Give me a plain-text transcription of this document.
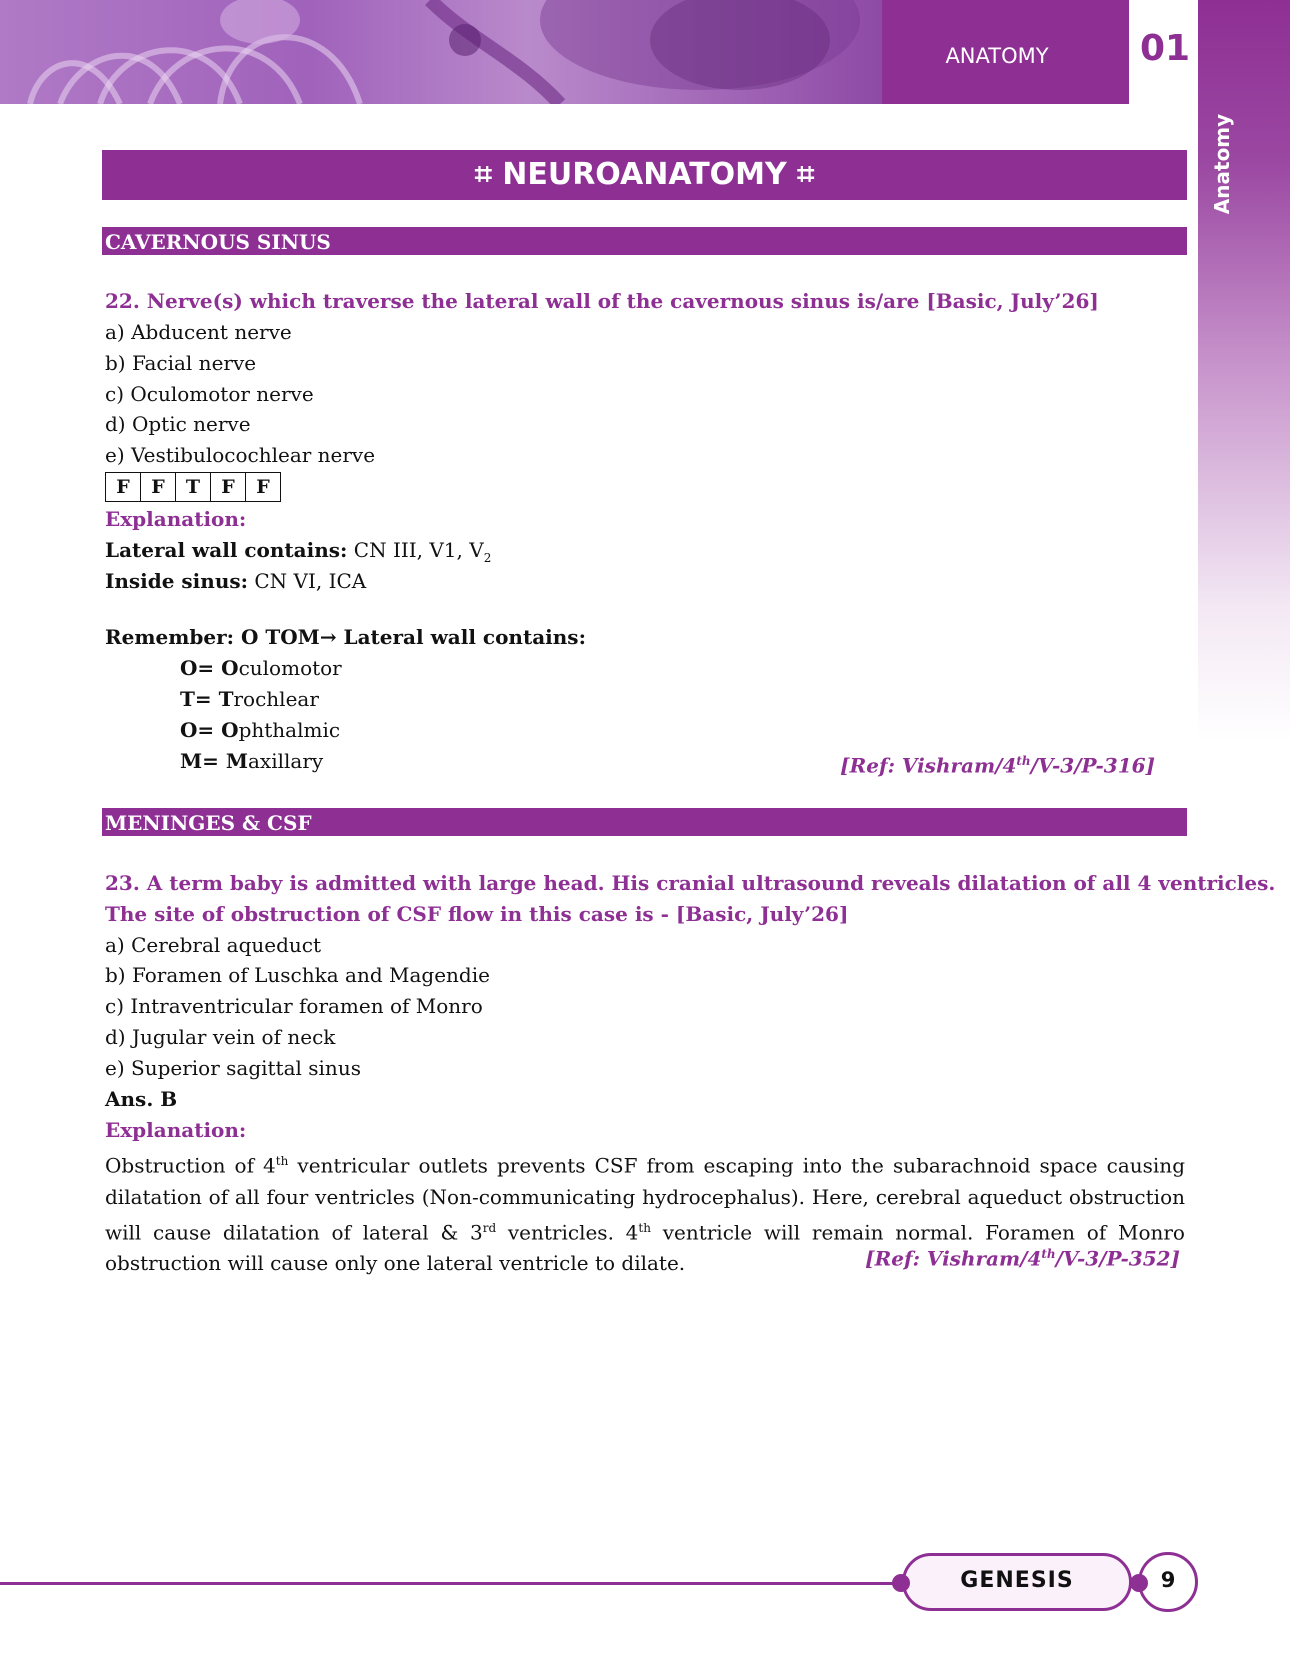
ANATOMY	01
Anatomy
⌗ NEUROANATOMY ⌗
CAVERNOUS SINUS
22. Nerve(s) which traverse the lateral wall of the cavernous sinus is/are [Basic, July’26]
a) Abducent nerve
b) Facial nerve
c) Oculomotor nerve
d) Optic nerve
e) Vestibulocochlear nerve
F	F	T	F	F
Explanation:
Lateral wall contains: CN III, V1, $V_2$
Inside sinus: CN VI, ICA
Remember: O TOM→ Lateral wall contains:
O= Oculomotor
T= Trochlear
O= Ophthalmic
M= Maxillary	[Ref: Vishram/4th/V-3/P-316]
MENINGES & CSF
23. A term baby is admitted with large head. His cranial ultrasound reveals dilatation of all 4 ventricles.
The site of obstruction of CSF flow in this case is - [Basic, July’26]
a) Cerebral aqueduct
b) Foramen of Luschka and Magendie
c) Intraventricular foramen of Monro
d) Jugular vein of neck
e) Superior sagittal sinus
Ans. B
Explanation:
Obstruction of 4th ventricular outlets prevents CSF from escaping into the subarachnoid space causing dilatation of all four ventricles (Non-communicating hydrocephalus). Here, cerebral aqueduct obstruction will cause dilatation of lateral & 3rd ventricles. 4th ventricle will remain normal. Foramen of Monro obstruction will cause only one lateral ventricle to dilate.	[Ref: Vishram/4th/V-3/P-352]
GENESIS	9
